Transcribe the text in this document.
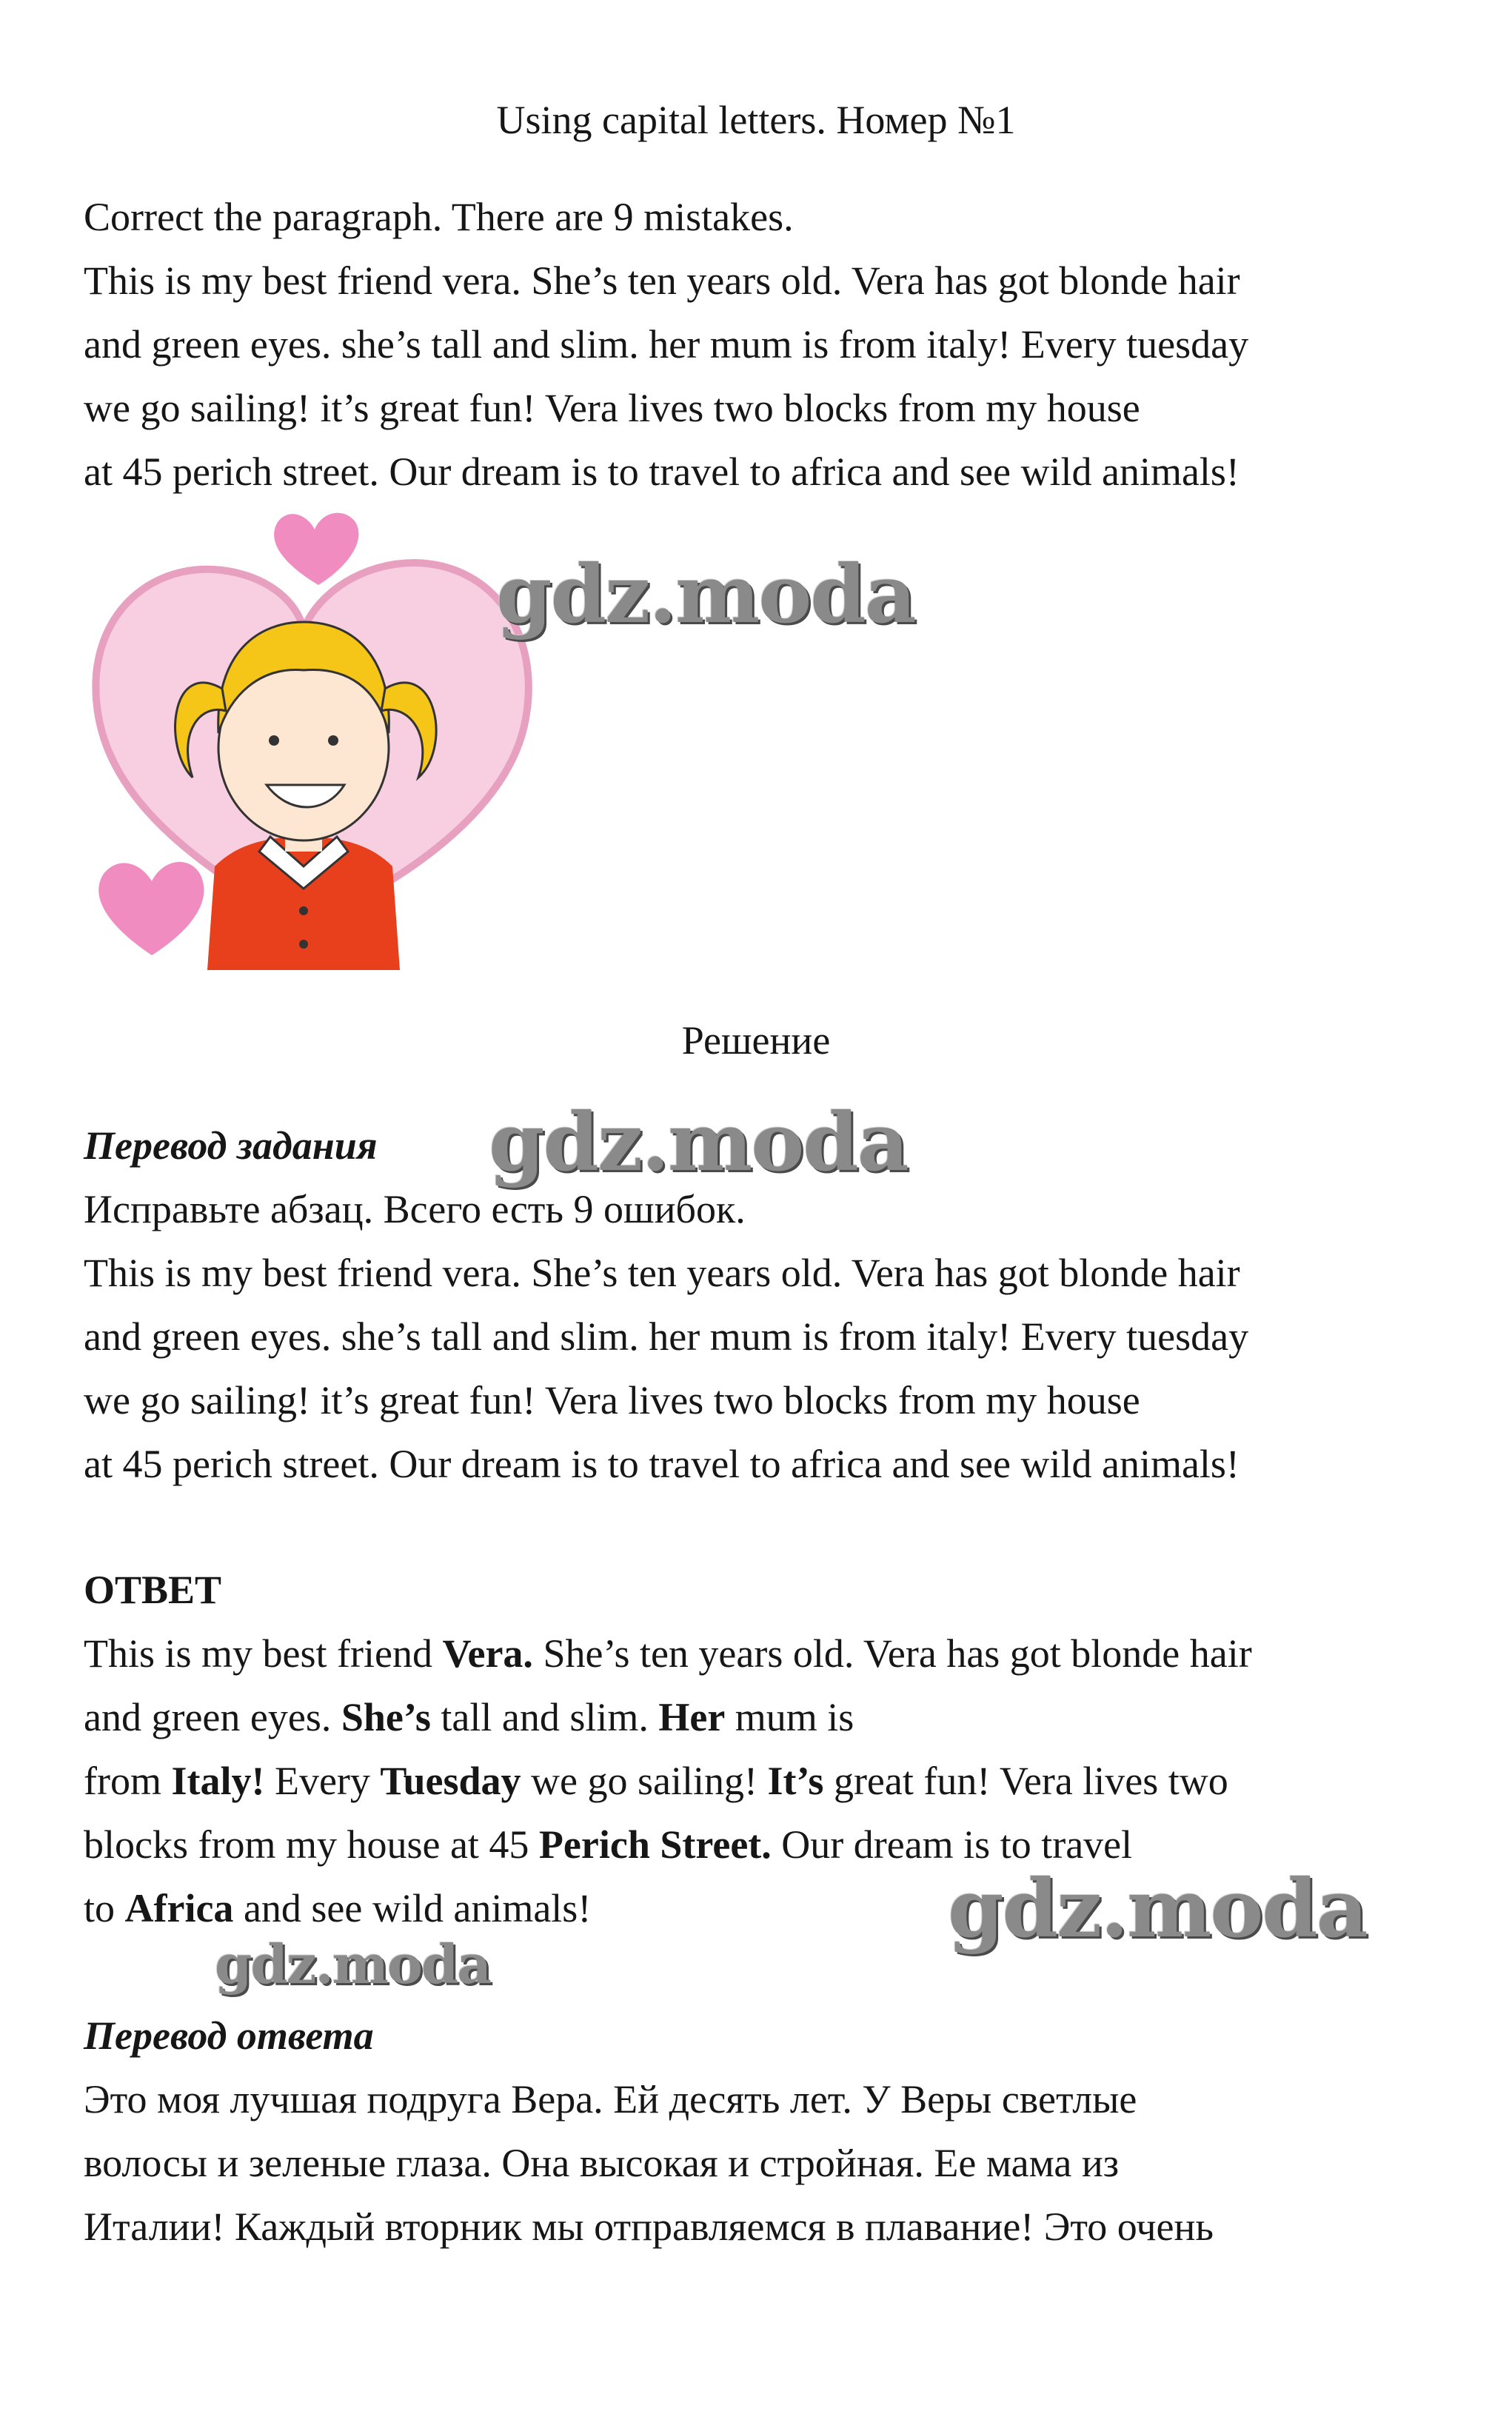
Using capital letters. Номер №1

Correct the paragraph. There are 9 mistakes.

This is my best friend vera. She’s ten years old. Vera has got blonde hair

and green eyes. she’s tall and slim. her mum is from italy! Every tuesday

we go sailing! it’s great fun! Vera lives two blocks from my house

at 45 perich street. Our dream is to travel to africa and see wild animals!

gdz.moda

Решение

Перевод задания gdz.moda

Исправьте абзац. Всего есть 9 ошибок.

This is my best friend vera. She’s ten years old. Vera has got blonde hair

and green eyes. she’s tall and slim. her mum is from italy! Every tuesday

we go sailing! it’s great fun! Vera lives two blocks from my house

at 45 perich street. Our dream is to travel to africa and see wild animals!

ОТВЕТ

This is my best friend Vera. She’s ten years old. Vera has got blonde hair

and green eyes. She’s tall and slim. Her mum is

from Italy! Every Tuesday we go sailing! It’s great fun! Vera lives two

blocks from my house at 45 Perich Street. Our dream is to travel

to Africa and see wild animals!	gdz.moda

gdz.moda

Перевод ответа

Это моя лучшая подруга Вера. Ей десять лет. У Веры светлые

волосы и зеленые глаза. Она высокая и стройная. Ее мама из

Италии! Каждый вторник мы отправляемся в плавание! Это очень
